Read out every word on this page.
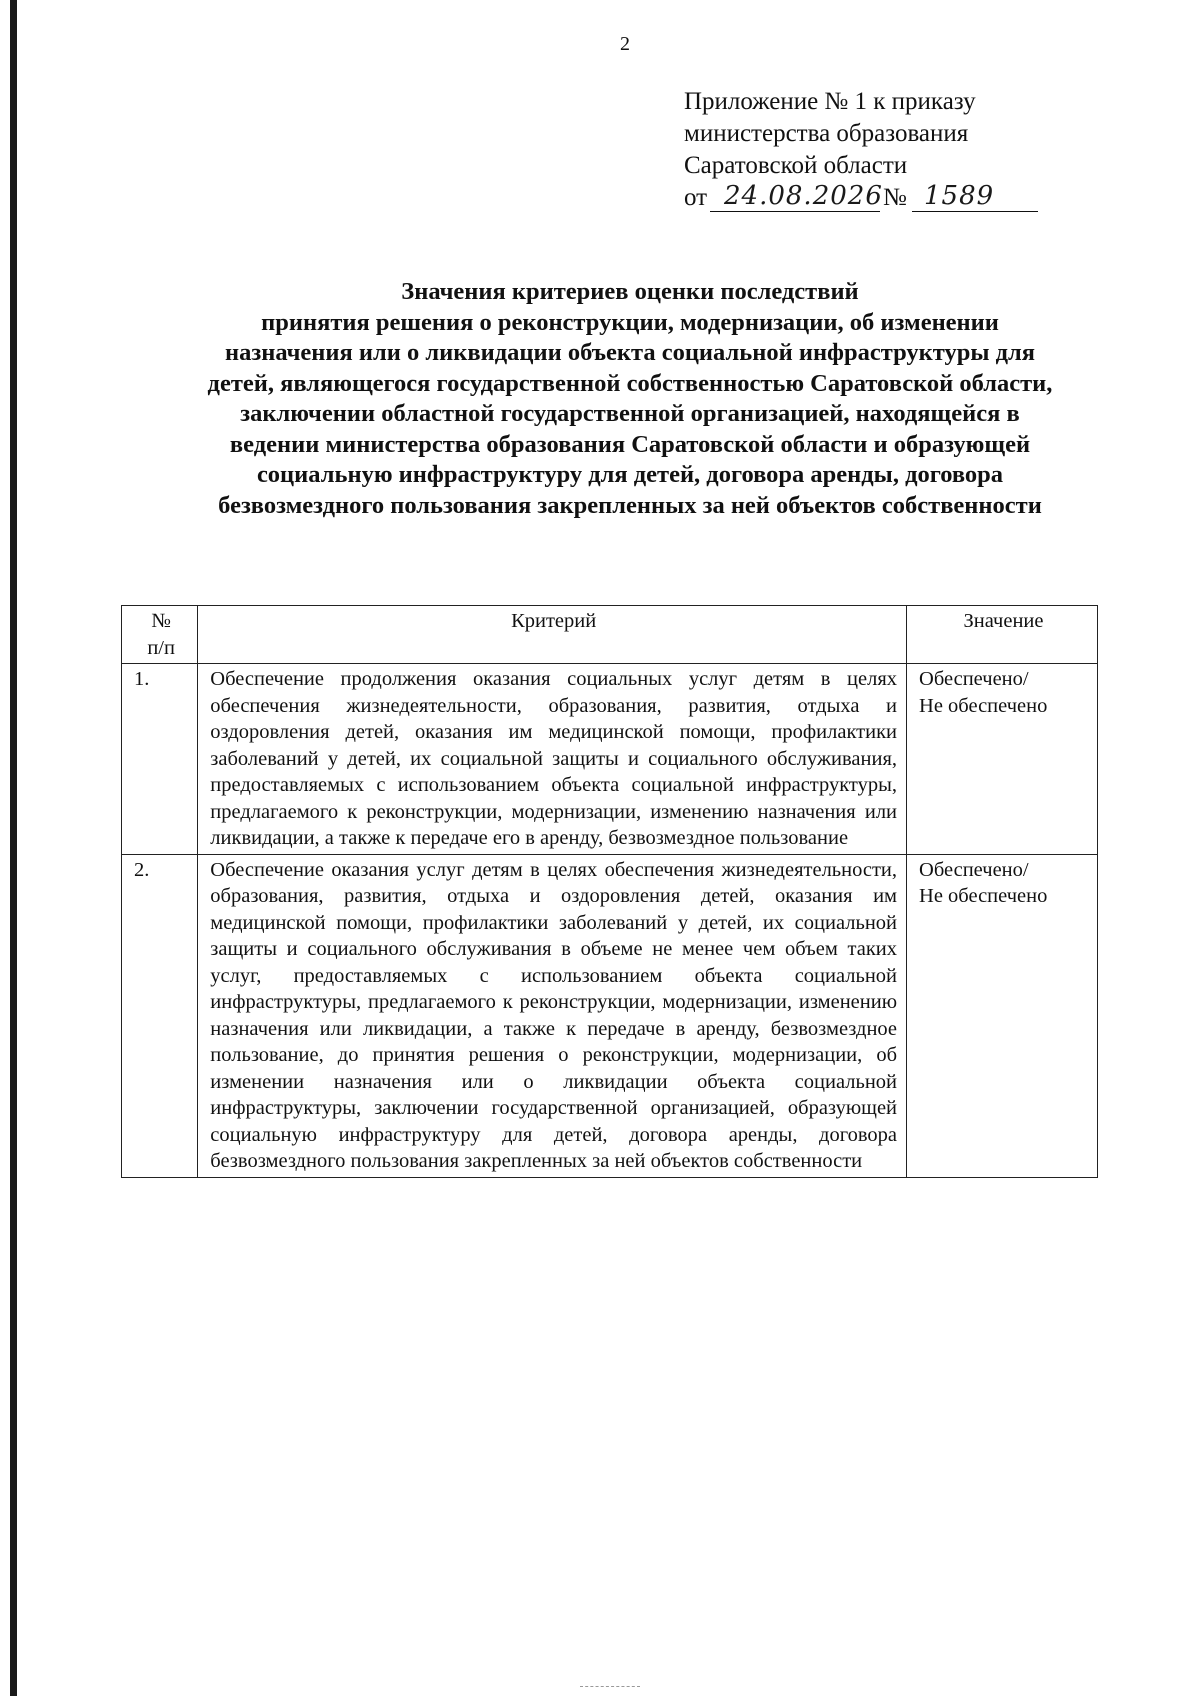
2
Приложение № 1 к приказу
министерства образования
Саратовской области
от 24.08.2026 № 1589
Значения критериев оценки последствий
принятия решения о реконструкции, модернизации, об изменении
назначения или о ликвидации объекта социальной инфраструктуры для
детей, являющегося государственной собственностью Саратовской области,
заключении областной государственной организацией, находящейся в
ведении министерства образования Саратовской области и образующей
социальную инфраструктуру для детей, договора аренды, договора
безвозмездного пользования закрепленных за ней объектов собственности
№
п/п	Критерий	Значение
1.	Обеспечение продолжения оказания социальных услуг детям в целях обеспечения жизнедеятельности, образования, развития, отдыха и оздоровления детей, оказания им медицинской помощи, профилактики заболеваний у детей, их социальной защиты и социального обслуживания, предоставляемых с использованием объекта социальной инфраструктуры, предлагаемого к реконструкции, модернизации, изменению назначения или ликвидации, а также к передаче его в аренду, безвозмездное пользование	Обеспечено/
Не обеспечено

2.	Обеспечение оказания услуг детям в целях обеспечения жизнедеятельности, образования, развития, отдыха и оздоровления детей, оказания им медицинской помощи, профилактики заболеваний у детей, их социальной защиты и социального обслуживания в объеме не менее чем объем таких услуг, предоставляемых с использованием объекта социальной инфраструктуры, предлагаемого к реконструкции, модернизации, изменению назначения или ликвидации, а также к передаче в аренду, безвозмездное пользование, до принятия решения о реконструкции, модернизации, об изменении назначения или о ликвидации объекта социальной инфраструктуры, заключении государственной организацией, образующей социальную инфраструктуру для детей, договора аренды, договора безвозмездного пользования закрепленных за ней объектов собственности	Обеспечено/
Не обеспечено
